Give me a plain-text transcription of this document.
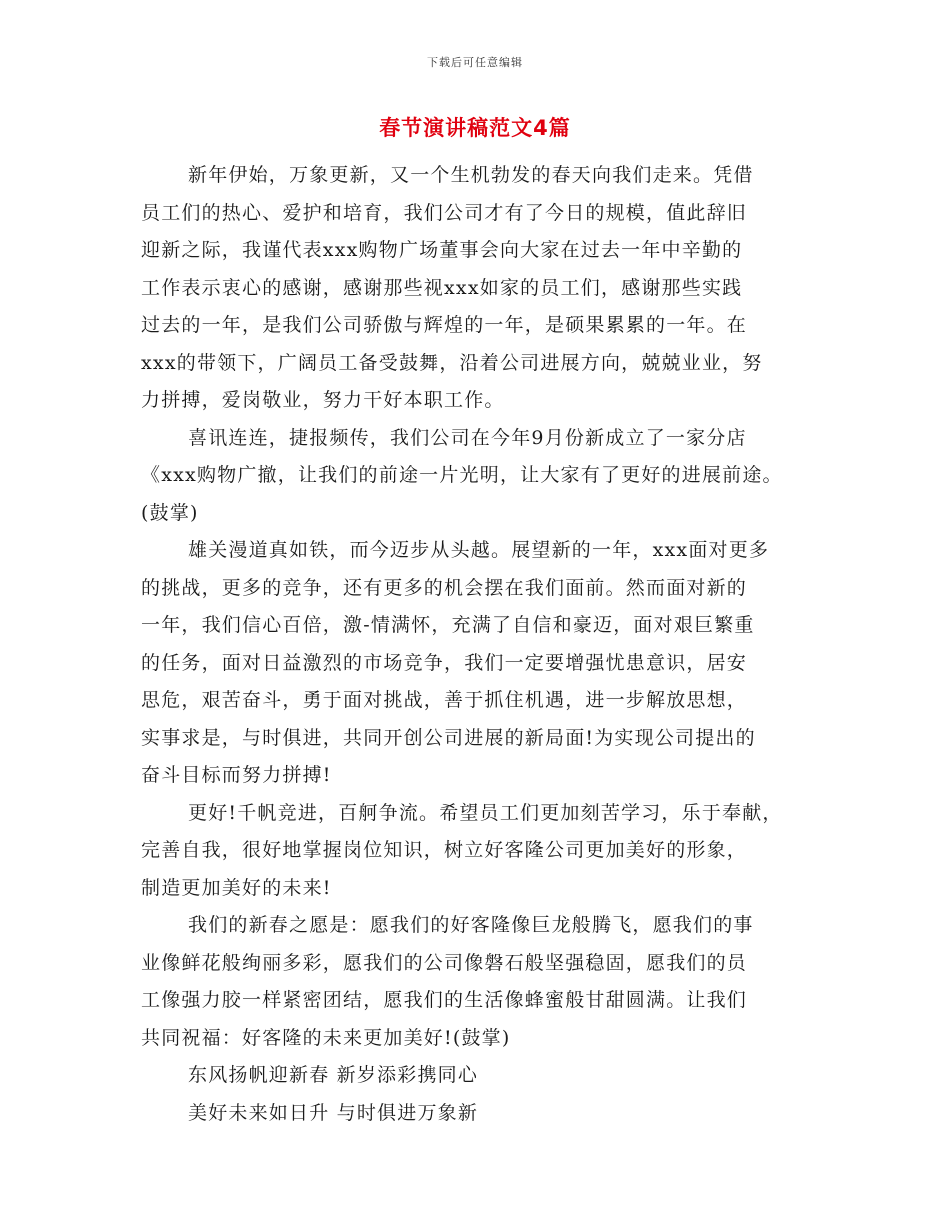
下载后可任意编辑
春节演讲稿范文4篇
新年伊始，万象更新，又一个生机勃发的春天向我们走来。凭借
员工们的热心、爱护和培育，我们公司才有了今日的规模，值此辞旧
迎新之际，我谨代表xxx购物广场董事会向大家在过去一年中辛勤的
工作表示衷心的感谢，感谢那些视xxx如家的员工们，感谢那些实践
过去的一年，是我们公司骄傲与辉煌的一年，是硕果累累的一年。在
xxx的带领下，广阔员工备受鼓舞，沿着公司进展方向，兢兢业业，努
力拼搏，爱岗敬业，努力干好本职工作。
喜讯连连，捷报频传，我们公司在今年9月份新成立了一家分店
《xxx购物广撤，让我们的前途一片光明，让大家有了更好的进展前途。
(鼓掌)
雄关漫道真如铁，而今迈步从头越。展望新的一年，xxx面对更多
的挑战，更多的竞争，还有更多的机会摆在我们面前。然而面对新的
一年，我们信心百倍，激-情满怀，充满了自信和豪迈，面对艰巨繁重
的任务，面对日益激烈的市场竞争，我们一定要增强忧患意识，居安
思危，艰苦奋斗，勇于面对挑战，善于抓住机遇，进一步解放思想，
实事求是，与时俱进，共同开创公司进展的新局面!为实现公司提出的
奋斗目标而努力拼搏!
更好!千帆竞进，百舸争流。希望员工们更加刻苦学习，乐于奉献，
完善自我，很好地掌握岗位知识，树立好客隆公司更加美好的形象，
制造更加美好的未来!
我们的新春之愿是：愿我们的好客隆像巨龙般腾飞，愿我们的事
业像鲜花般绚丽多彩，愿我们的公司像磐石般坚强稳固，愿我们的员
工像强力胶一样紧密团结，愿我们的生活像蜂蜜般甘甜圆满。让我们
共同祝福：好客隆的未来更加美好!(鼓掌)
东风扬帆迎新春 新岁添彩携同心
美好未来如日升 与时俱进万象新
